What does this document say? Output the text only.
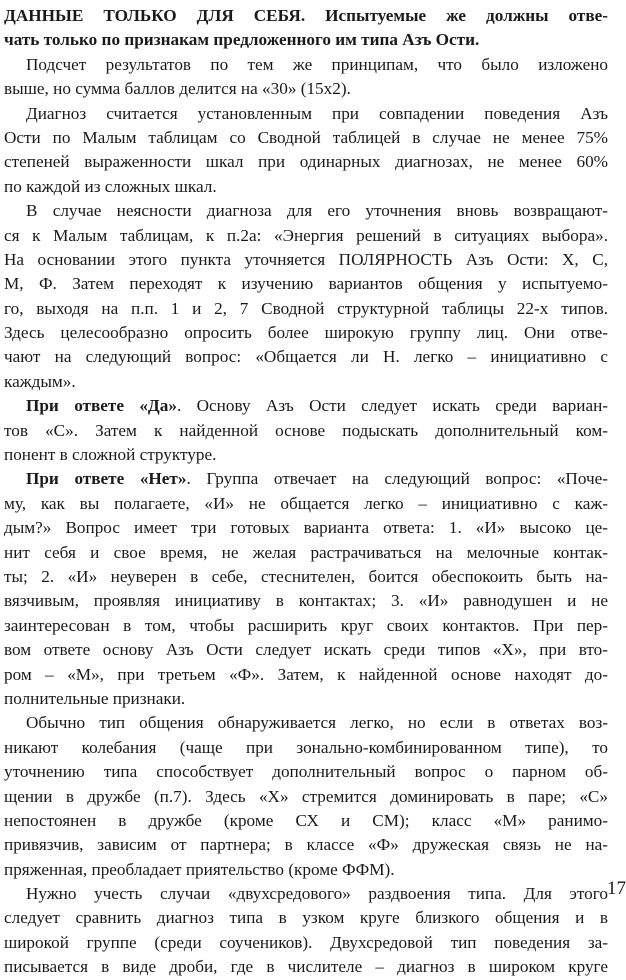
ДАННЫЕ ТОЛЬКО ДЛЯ СЕБЯ. Испытуемые же должны отве-
чать только по признакам предложенного им типа Азъ Ости.
Подсчет результатов по тем же принципам, что было изложено
выше, но сумма баллов делится на «30» (15х2).
Диагноз считается установленным при совпадении поведения Азъ
Ости по Малым таблицам со Сводной таблицей в случае не менее 75%
степеней выраженности шкал при одинарных диагнозах, не менее 60%
по каждой из сложных шкал.
В случае неясности диагноза для его уточнения вновь возвращают-
ся к Малым таблицам, к п.2а: «Энергия решений в ситуациях выбора».
На основании этого пункта уточняется ПОЛЯРНОСТЬ Азъ Ости: Х, С,
М, Ф. Затем переходят к изучению вариантов общения у испытуемо-
го, выходя на п.п. 1 и 2, 7 Сводной структурной таблицы 22-х типов.
Здесь целесообразно опросить более широкую группу лиц. Они отве-
чают на следующий вопрос: «Общается ли Н. легко – инициативно с
каждым».
При ответе «Да». Основу Азъ Ости следует искать среди вариан-
тов «С». Затем к найденной основе подыскать дополнительный ком-
понент в сложной структуре.
При ответе «Нет». Группа отвечает на следующий вопрос: «Поче-
му, как вы полагаете, «И» не общается легко – инициативно с каж-
дым?» Вопрос имеет три готовых варианта ответа: 1. «И» высоко це-
нит себя и свое время, не желая растрачиваться на мелочные контак-
ты; 2. «И» неуверен в себе, стеснителен, боится обеспокоить быть на-
вязчивым, проявляя инициативу в контактах; 3. «И» равнодушен и не
заинтересован в том, чтобы расширить круг своих контактов. При пер-
вом ответе основу Азъ Ости следует искать среди типов «Х», при вто-
ром – «М», при третьем «Ф». Затем, к найденной основе находят до-
полнительные признаки.
Обычно тип общения обнаруживается легко, но если в ответах воз-
никают колебания (чаще при зонально-комбинированном типе), то
уточнению типа способствует дополнительный вопрос о парном об-
щении в дружбе (п.7). Здесь «Х» стремится доминировать в паре; «С»
непостоянен в дружбе (кроме СХ и СМ); класс «М» ранимо-
привязчив, зависим от партнера; в классе «Ф» дружеская связь не на-
пряженная, преобладает приятельство (кроме ФФМ).
Нужно учесть случаи «двухсредового» раздвоения типа. Для этого
следует сравнить диагноз типа в узком круге близкого общения и в
широкой группе (среди соучеников). Двухсредовой тип поведения за-
писывается в виде дроби, где в числителе – диагноз в широком круге
17
